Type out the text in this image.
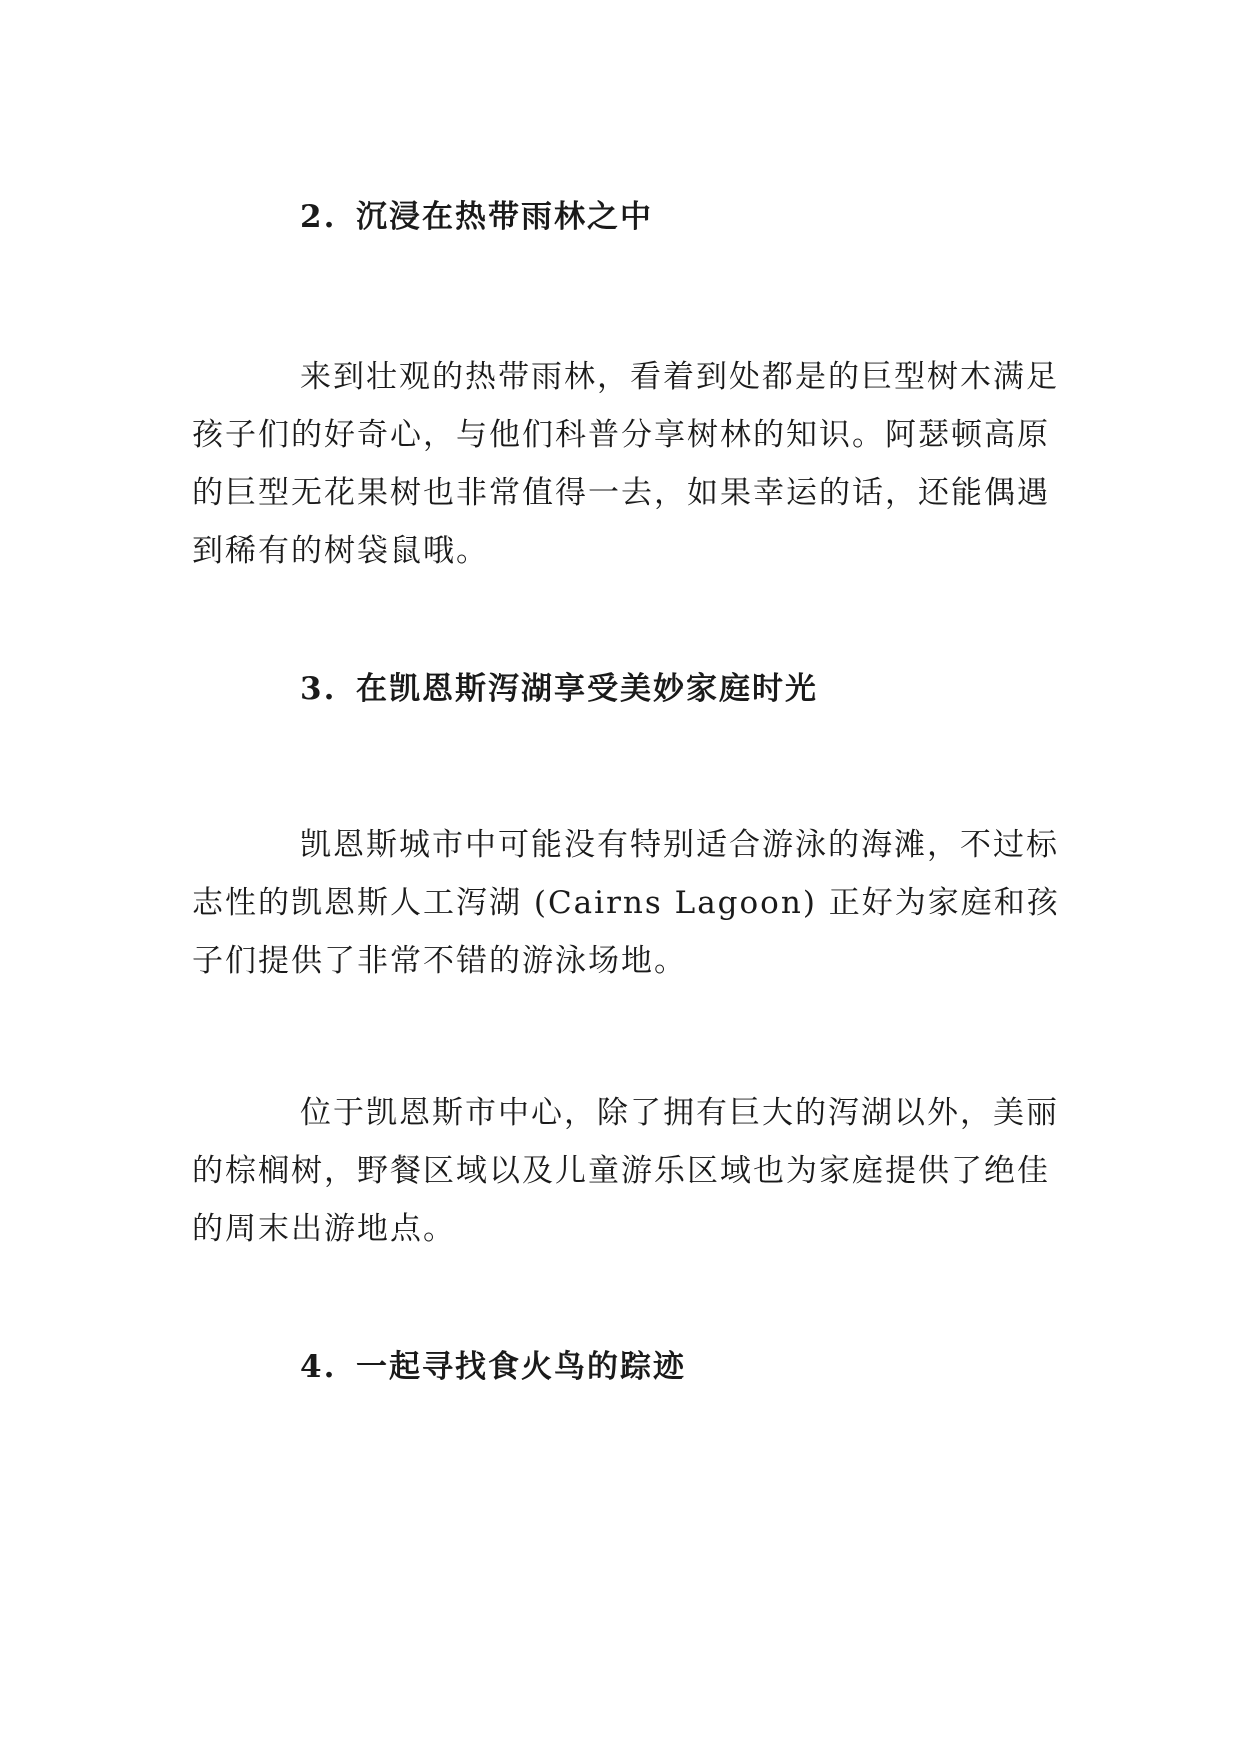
2. 沉浸在热带雨林之中

来到壮观的热带雨林，看着到处都是的巨型树木满足
孩子们的好奇心，与他们科普分享树林的知识。阿瑟顿高原
的巨型无花果树也非常值得一去，如果幸运的话，还能偶遇
到稀有的树袋鼠哦。

3. 在凯恩斯泻湖享受美妙家庭时光

凯恩斯城市中可能没有特别适合游泳的海滩，不过标
志性的凯恩斯人工泻湖 (Cairns Lagoon) 正好为家庭和孩
子们提供了非常不错的游泳场地。

位于凯恩斯市中心，除了拥有巨大的泻湖以外，美丽
的棕榈树，野餐区域以及儿童游乐区域也为家庭提供了绝佳
的周末出游地点。

4. 一起寻找食火鸟的踪迹
